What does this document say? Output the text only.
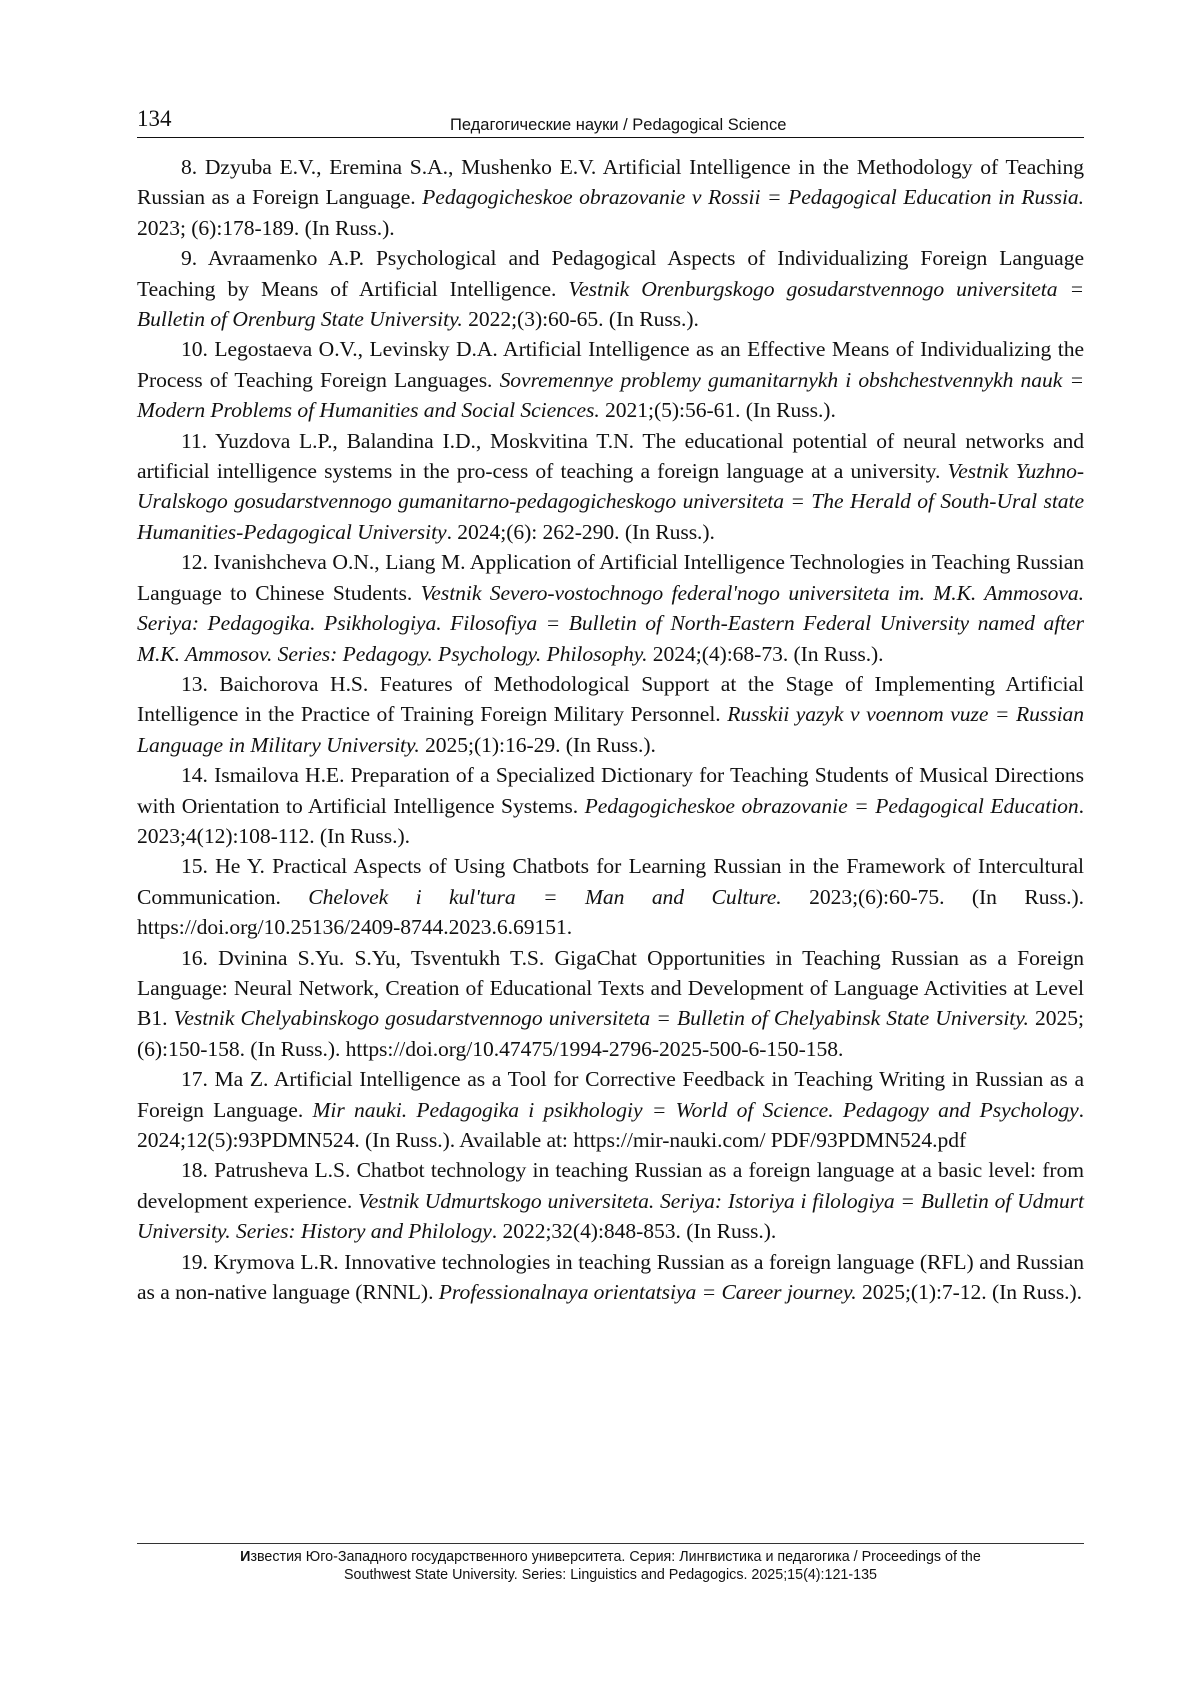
134	Педагогические науки / Pedagogical Science
8. Dzyuba E.V., Eremina S.A., Mushenko E.V. Artificial Intelligence in the Methodology of Teaching Russian as a Foreign Language. Pedagogicheskoe obrazovanie v Rossii = Pedagogical Education in Russia. 2023; (6):178-189. (In Russ.).
9. Avraamenko A.P. Psychological and Pedagogical Aspects of Individualizing Foreign Language Teaching by Means of Artificial Intelligence. Vestnik Orenburgskogo gosudarstvennogo universiteta = Bulletin of Orenburg State University. 2022;(3):60-65. (In Russ.).
10. Legostaeva O.V., Levinsky D.A. Artificial Intelligence as an Effective Means of Individualizing the Process of Teaching Foreign Languages. Sovremennye problemy gumanitarnykh i obshchestvennykh nauk = Modern Problems of Humanities and Social Sciences. 2021;(5):56-61. (In Russ.).
11. Yuzdova L.P., Balandina I.D., Moskvitina T.N. The educational potential of neural networks and artificial intelligence systems in the pro-cess of teaching a foreign language at a university. Vestnik Yuzhno-Uralskogo gosudarstvennogo gumanitarno-pedagogicheskogo universiteta = The Herald of South-Ural state Humanities-Pedagogical University. 2024;(6): 262-290. (In Russ.).
12. Ivanishcheva O.N., Liang M. Application of Artificial Intelligence Technologies in Teaching Russian Language to Chinese Students. Vestnik Severo-vostochnogo federal'nogo universiteta im. M.K. Ammosova. Seriya: Pedagogika. Psikhologiya. Filosofiya = Bulletin of North-Eastern Federal University named after M.K. Ammosov. Series: Pedagogy. Psychology. Philosophy. 2024;(4):68-73. (In Russ.).
13. Baichorova H.S. Features of Methodological Support at the Stage of Implementing Artificial Intelligence in the Practice of Training Foreign Military Personnel. Russkii yazyk v voennom vuze = Russian Language in Military University. 2025;(1):16-29. (In Russ.).
14. Ismailova H.E. Preparation of a Specialized Dictionary for Teaching Students of Musical Directions with Orientation to Artificial Intelligence Systems. Pedagogicheskoe obrazovanie = Pedagogical Education. 2023;4(12):108-112. (In Russ.).
15. He Y. Practical Aspects of Using Chatbots for Learning Russian in the Framework of Intercultural Communication. Chelovek i kul'tura = Man and Culture. 2023;(6):60-75. (In Russ.). https://doi.org/10.25136/2409-8744.2023.6.69151.
16. Dvinina S.Yu. S.Yu, Tsventukh T.S. GigaChat Opportunities in Teaching Russian as a Foreign Language: Neural Network, Creation of Educational Texts and Development of Language Activities at Level B1. Vestnik Chelyabinskogo gosudarstvennogo universiteta = Bulletin of Chelyabinsk State University. 2025;(6):150-158. (In Russ.). https://doi.org/10.47475/1994-2796-2025-500-6-150-158.
17. Ma Z. Artificial Intelligence as a Tool for Corrective Feedback in Teaching Writing in Russian as a Foreign Language. Mir nauki. Pedagogika i psikhologiy = World of Science. Pedagogy and Psychology. 2024;12(5):93PDMN524. (In Russ.). Available at: https://mir-nauki.com/ PDF/93PDMN524.pdf
18. Patrusheva L.S. Chatbot technology in teaching Russian as a foreign language at a basic level: from development experience. Vestnik Udmurtskogo universiteta. Seriya: Istoriya i filologiya = Bulletin of Udmurt University. Series: History and Philology. 2022;32(4):848-853. (In Russ.).
19. Krymova L.R. Innovative technologies in teaching Russian as a foreign language (RFL) and Russian as a non-native language (RNNL). Professionalnaya orientatsiya = Career journey. 2025;(1):7-12. (In Russ.).
Известия Юго-Западного государственного университета. Серия: Лингвистика и педагогика / Proceedings of the
Southwest State University. Series: Linguistics and Pedagogics. 2025;15(4):121-135
